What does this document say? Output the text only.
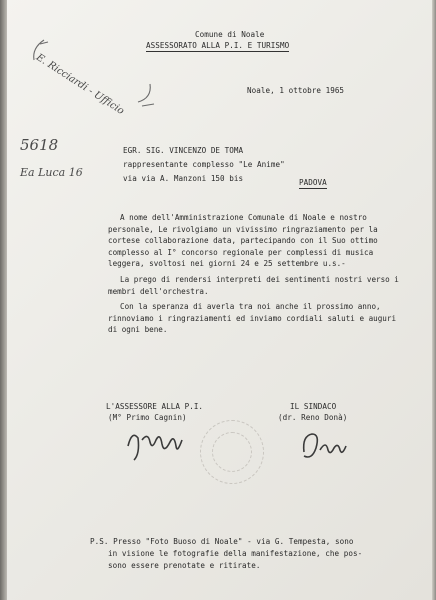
Comune di Noale
ASSESSORATO ALLA P.I. E TURISMO
E. Ricciardi - Ufficio	Noale, 1 ottobre 1965
5618
Ea Luca 16
EGR. SIG. VINCENZO DE TOMA
rappresentante complesso "Le Anime"
via via A. Manzoni 150 bis	PADOVA

A nome dell'Amministrazione Comunale di Noale e nostro personale, Le rivolgiamo un vivissimo ringraziamento per la cortese collaborazione data, partecipando con il Suo ottimo complesso al I° concorso regionale per complessi di musica leggera, svoltosi nei giorni 24 e 25 settembre u.s.-

La prego di rendersi interpreti dei sentimenti nostri verso i membri dell'orchestra.

Con la speranza di averla tra noi anche il prossimo anno, rinnoviamo i ringraziamenti ed inviamo cordiali saluti e auguri di ogni bene.

L'ASSESSORE ALLA P.I.
(M° Primo Cagnin)
IL SINDACO
(dr. Reno Donà)
P.S. Presso "Foto Buoso di Noale" - via G. Tempesta, sono
in visione le fotografie della manifestazione, che pos-
sono essere prenotate e ritirate.
